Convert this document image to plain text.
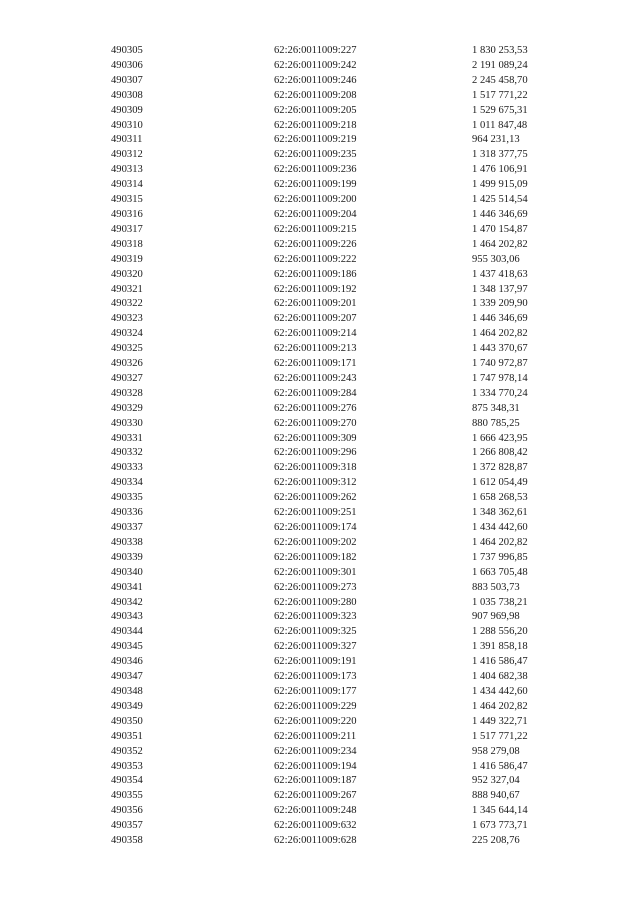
490305	62:26:0011009:227	1 830 253,53
490306	62:26:0011009:242	2 191 089,24
490307	62:26:0011009:246	2 245 458,70
490308	62:26:0011009:208	1 517 771,22
490309	62:26:0011009:205	1 529 675,31
490310	62:26:0011009:218	1 011 847,48
490311	62:26:0011009:219	964 231,13
490312	62:26:0011009:235	1 318 377,75
490313	62:26:0011009:236	1 476 106,91
490314	62:26:0011009:199	1 499 915,09
490315	62:26:0011009:200	1 425 514,54
490316	62:26:0011009:204	1 446 346,69
490317	62:26:0011009:215	1 470 154,87
490318	62:26:0011009:226	1 464 202,82
490319	62:26:0011009:222	955 303,06
490320	62:26:0011009:186	1 437 418,63
490321	62:26:0011009:192	1 348 137,97
490322	62:26:0011009:201	1 339 209,90
490323	62:26:0011009:207	1 446 346,69
490324	62:26:0011009:214	1 464 202,82
490325	62:26:0011009:213	1 443 370,67
490326	62:26:0011009:171	1 740 972,87
490327	62:26:0011009:243	1 747 978,14
490328	62:26:0011009:284	1 334 770,24
490329	62:26:0011009:276	875 348,31
490330	62:26:0011009:270	880 785,25
490331	62:26:0011009:309	1 666 423,95
490332	62:26:0011009:296	1 266 808,42
490333	62:26:0011009:318	1 372 828,87
490334	62:26:0011009:312	1 612 054,49
490335	62:26:0011009:262	1 658 268,53
490336	62:26:0011009:251	1 348 362,61
490337	62:26:0011009:174	1 434 442,60
490338	62:26:0011009:202	1 464 202,82
490339	62:26:0011009:182	1 737 996,85
490340	62:26:0011009:301	1 663 705,48
490341	62:26:0011009:273	883 503,73
490342	62:26:0011009:280	1 035 738,21
490343	62:26:0011009:323	907 969,98
490344	62:26:0011009:325	1 288 556,20
490345	62:26:0011009:327	1 391 858,18
490346	62:26:0011009:191	1 416 586,47
490347	62:26:0011009:173	1 404 682,38
490348	62:26:0011009:177	1 434 442,60
490349	62:26:0011009:229	1 464 202,82
490350	62:26:0011009:220	1 449 322,71
490351	62:26:0011009:211	1 517 771,22
490352	62:26:0011009:234	958 279,08
490353	62:26:0011009:194	1 416 586,47
490354	62:26:0011009:187	952 327,04
490355	62:26:0011009:267	888 940,67
490356	62:26:0011009:248	1 345 644,14
490357	62:26:0011009:632	1 673 773,71
490358	62:26:0011009:628	225 208,76
